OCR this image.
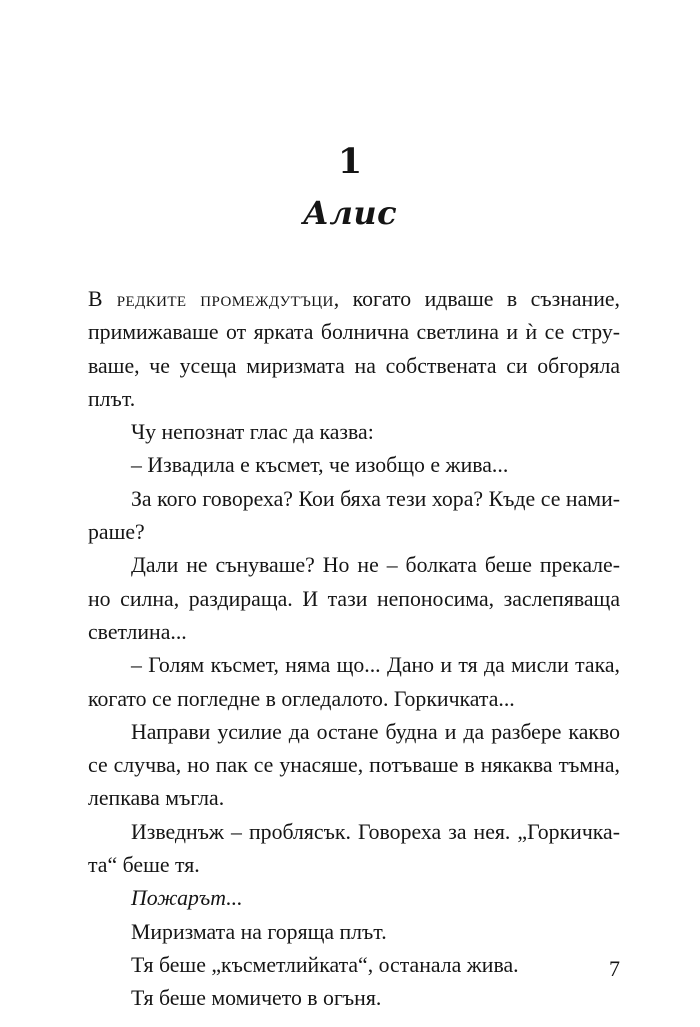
1
Алис
В редките промеждутъци, когато идваше в съзнание,
примижаваше от ярката болнична светлина и ѝ се стру-
ваше, че усеща миризмата на собствената си обгоряла
плът.
Чу непознат глас да казва:
– Извадила е късмет, че изобщо е жива...
За кого говореха? Кои бяха тези хора? Къде се нами-
раше?
Дали не сънуваше? Но не – болката беше прекале-
но силна, раздираща. И тази непоносима, заслепяваща
светлина...
– Голям късмет, няма що... Дано и тя да мисли така,
когато се погледне в огледалото. Горкичката...
Направи усилие да остане будна и да разбере какво
се случва, но пак се унасяше, потъваше в някаква тъмна,
лепкава мъгла.
Изведнъж – проблясък. Говореха за нея. „Горкичка-
та“ беше тя.
Пожарът...
Миризмата на горяща плът.
Тя беше „късметлийката“, останала жива.
Тя беше момичето в огъня.
7
